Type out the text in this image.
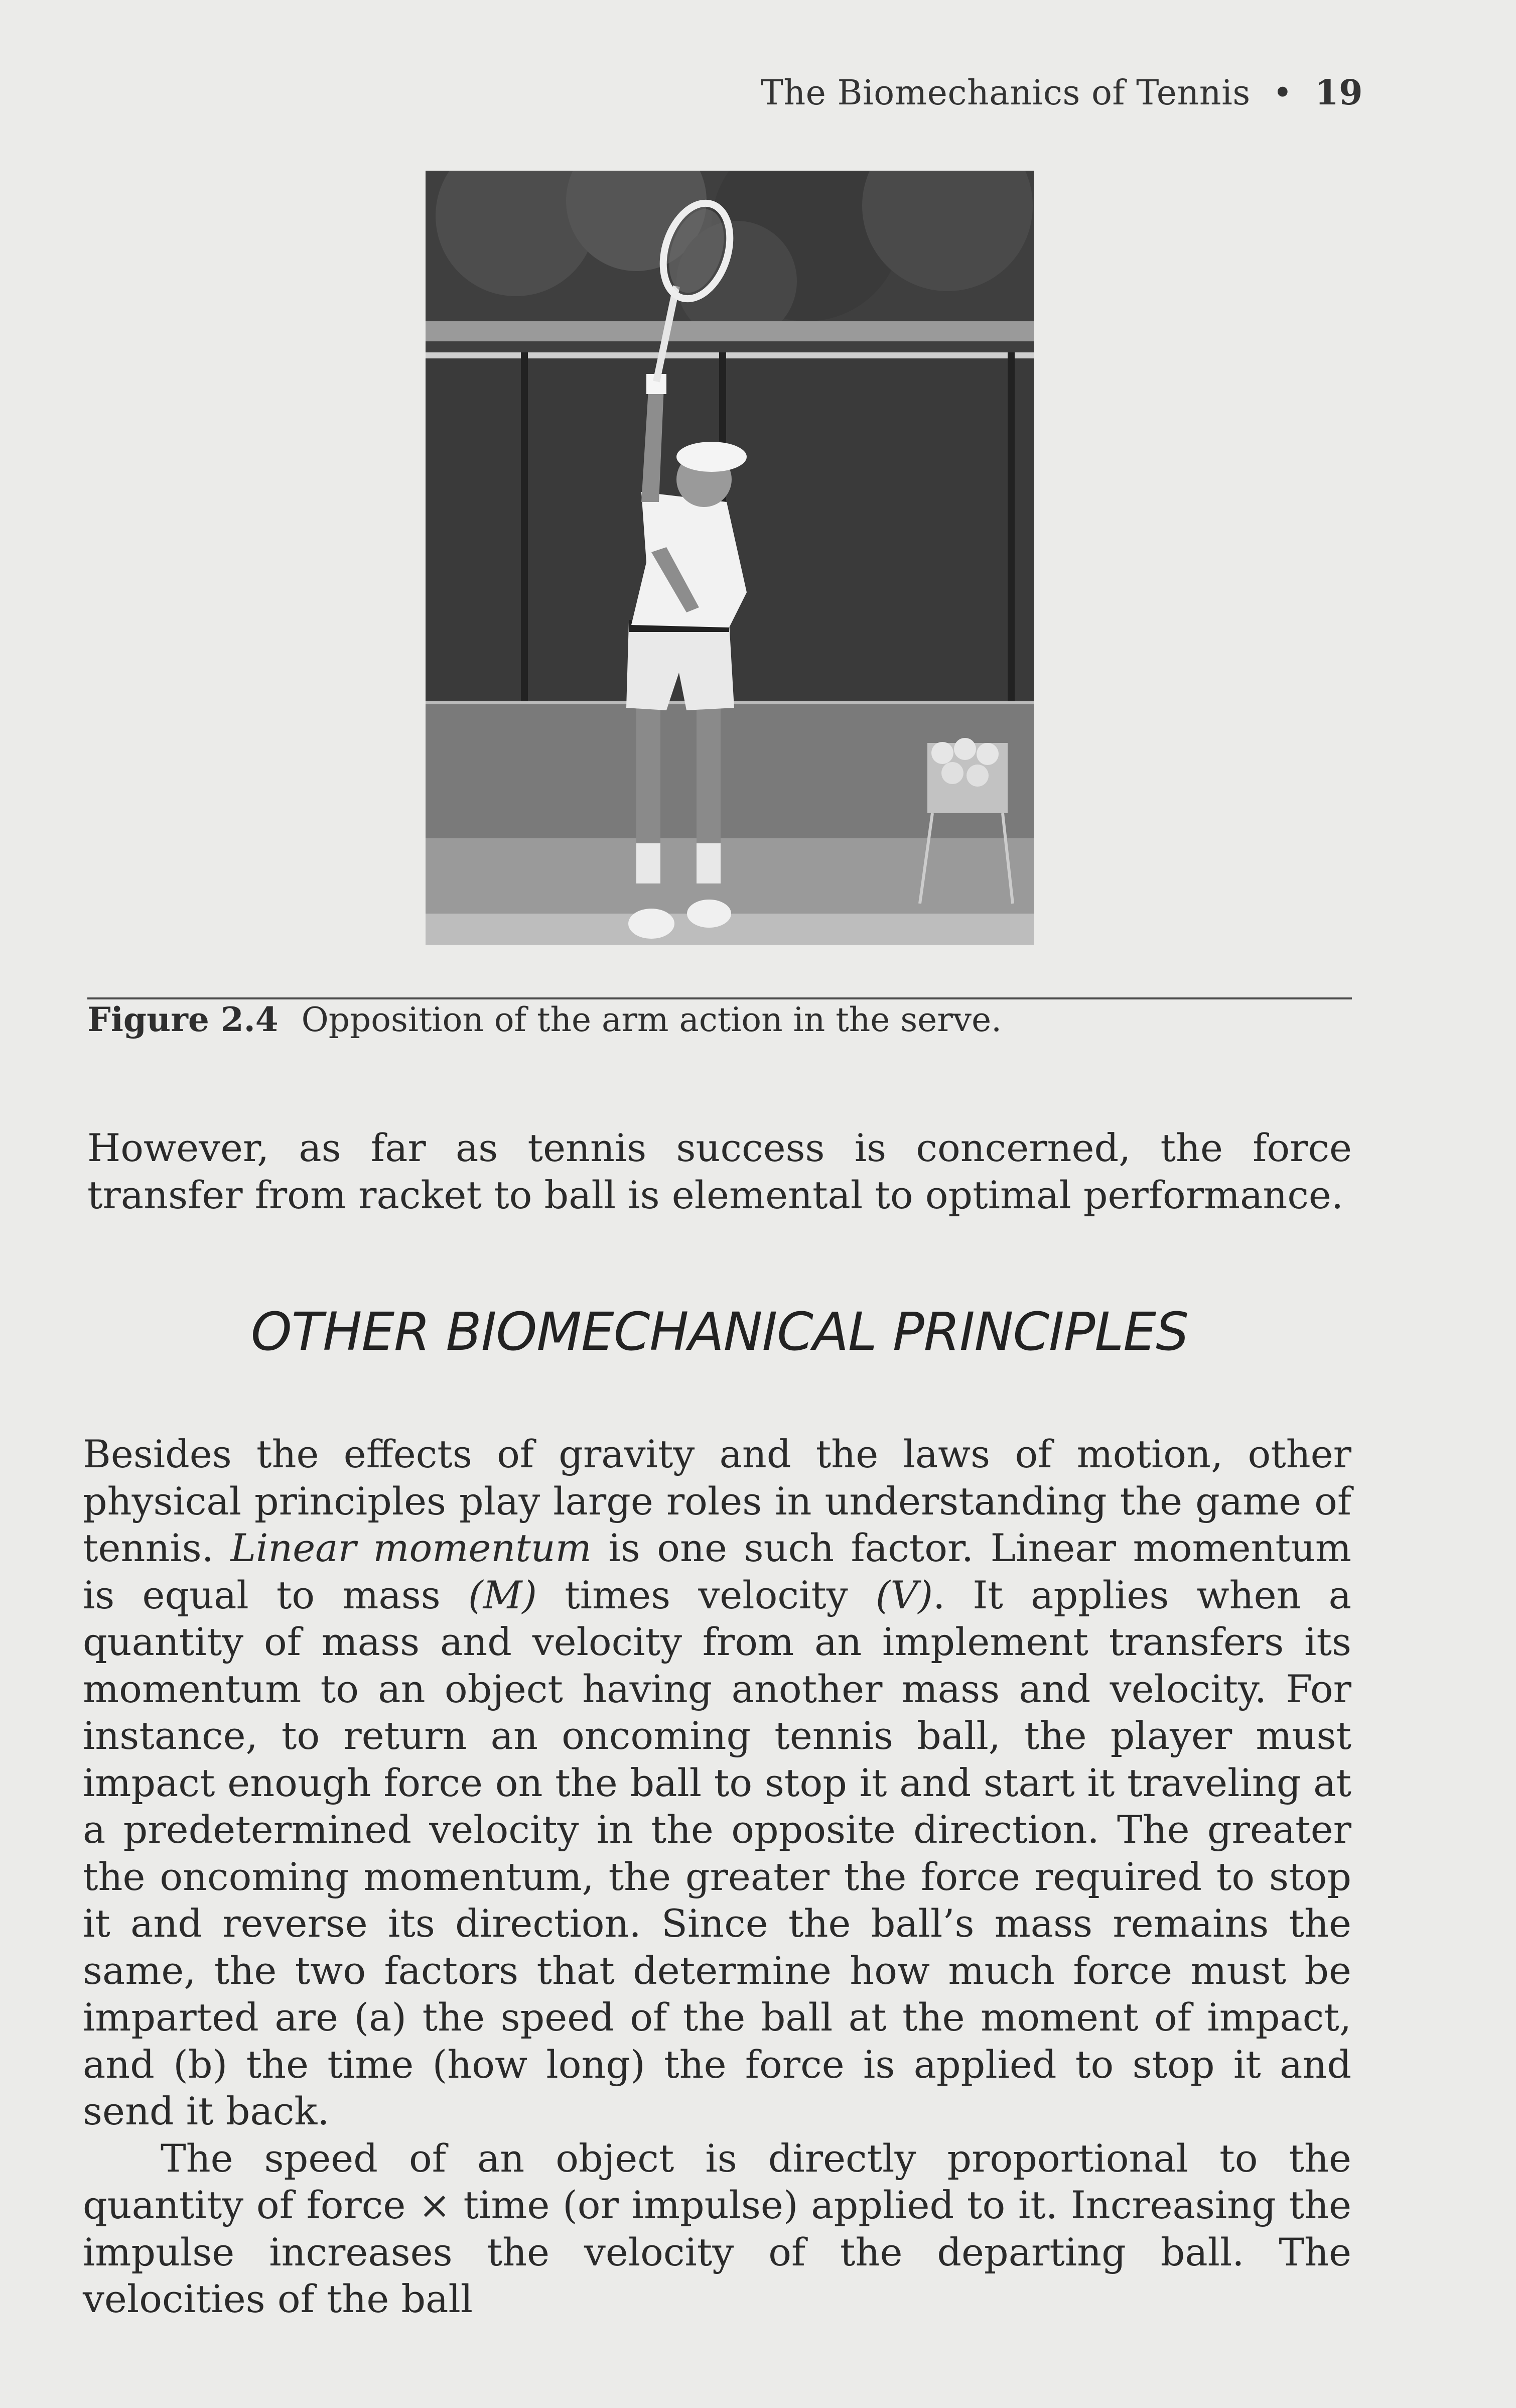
The Biomechanics of Tennis • 19
Figure 2.4 Opposition of the arm action in the serve.

However, as far as tennis success is concerned, the force transfer from racket to ball is elemental to optimal performance.

OTHER BIOMECHANICAL PRINCIPLES

Besides the effects of gravity and the laws of motion, other physical principles play large roles in understanding the game of tennis. Linear momentum is one such factor. Linear momentum is equal to mass (M) times velocity (V). It applies when a quantity of mass and velocity from an implement transfers its momentum to an object having another mass and velocity. For instance, to return an oncoming tennis ball, the player must impact enough force on the ball to stop it and start it traveling at a predetermined velocity in the opposite direction. The greater the oncoming momentum, the greater the force required to stop it and reverse its direction. Since the ball’s mass remains the same, the two factors that determine how much force must be imparted are (a) the speed of the ball at the moment of impact, and (b) the time (how long) the force is applied to stop it and send it back.

The speed of an object is directly proportional to the quantity of force × time (or impulse) applied to it. Increasing the impulse increases the velocity of the departing ball. The velocities of the ball
